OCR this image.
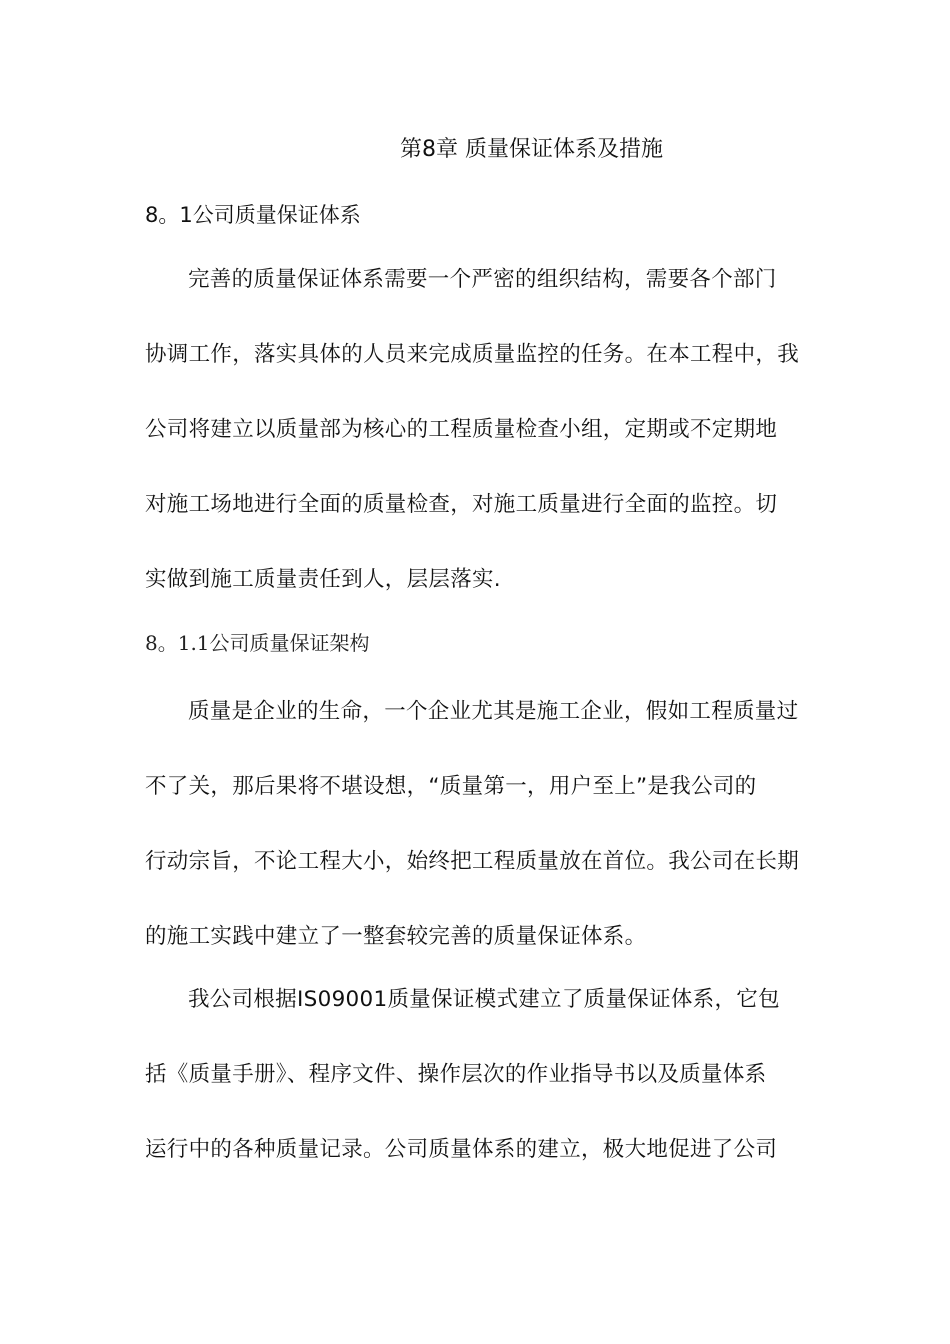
第8章 质量保证体系及措施
8。1公司质量保证体系
完善的质量保证体系需要一个严密的组织结构，需要各个部门
协调工作，落实具体的人员来完成质量监控的任务。在本工程中，我
公司将建立以质量部为核心的工程质量检查小组，定期或不定期地
对施工场地进行全面的质量检查，对施工质量进行全面的监控。切
实做到施工质量责任到人，层层落实.
8。1.1公司质量保证架构
质量是企业的生命，一个企业尤其是施工企业，假如工程质量过
不了关，那后果将不堪设想，“质量第一，用户至上”是我公司的
行动宗旨，不论工程大小，始终把工程质量放在首位。我公司在长期
的施工实践中建立了一整套较完善的质量保证体系。
我公司根据IS09001质量保证模式建立了质量保证体系，它包
括《质量手册》、程序文件、操作层次的作业指导书以及质量体系
运行中的各种质量记录。公司质量体系的建立，极大地促进了公司
